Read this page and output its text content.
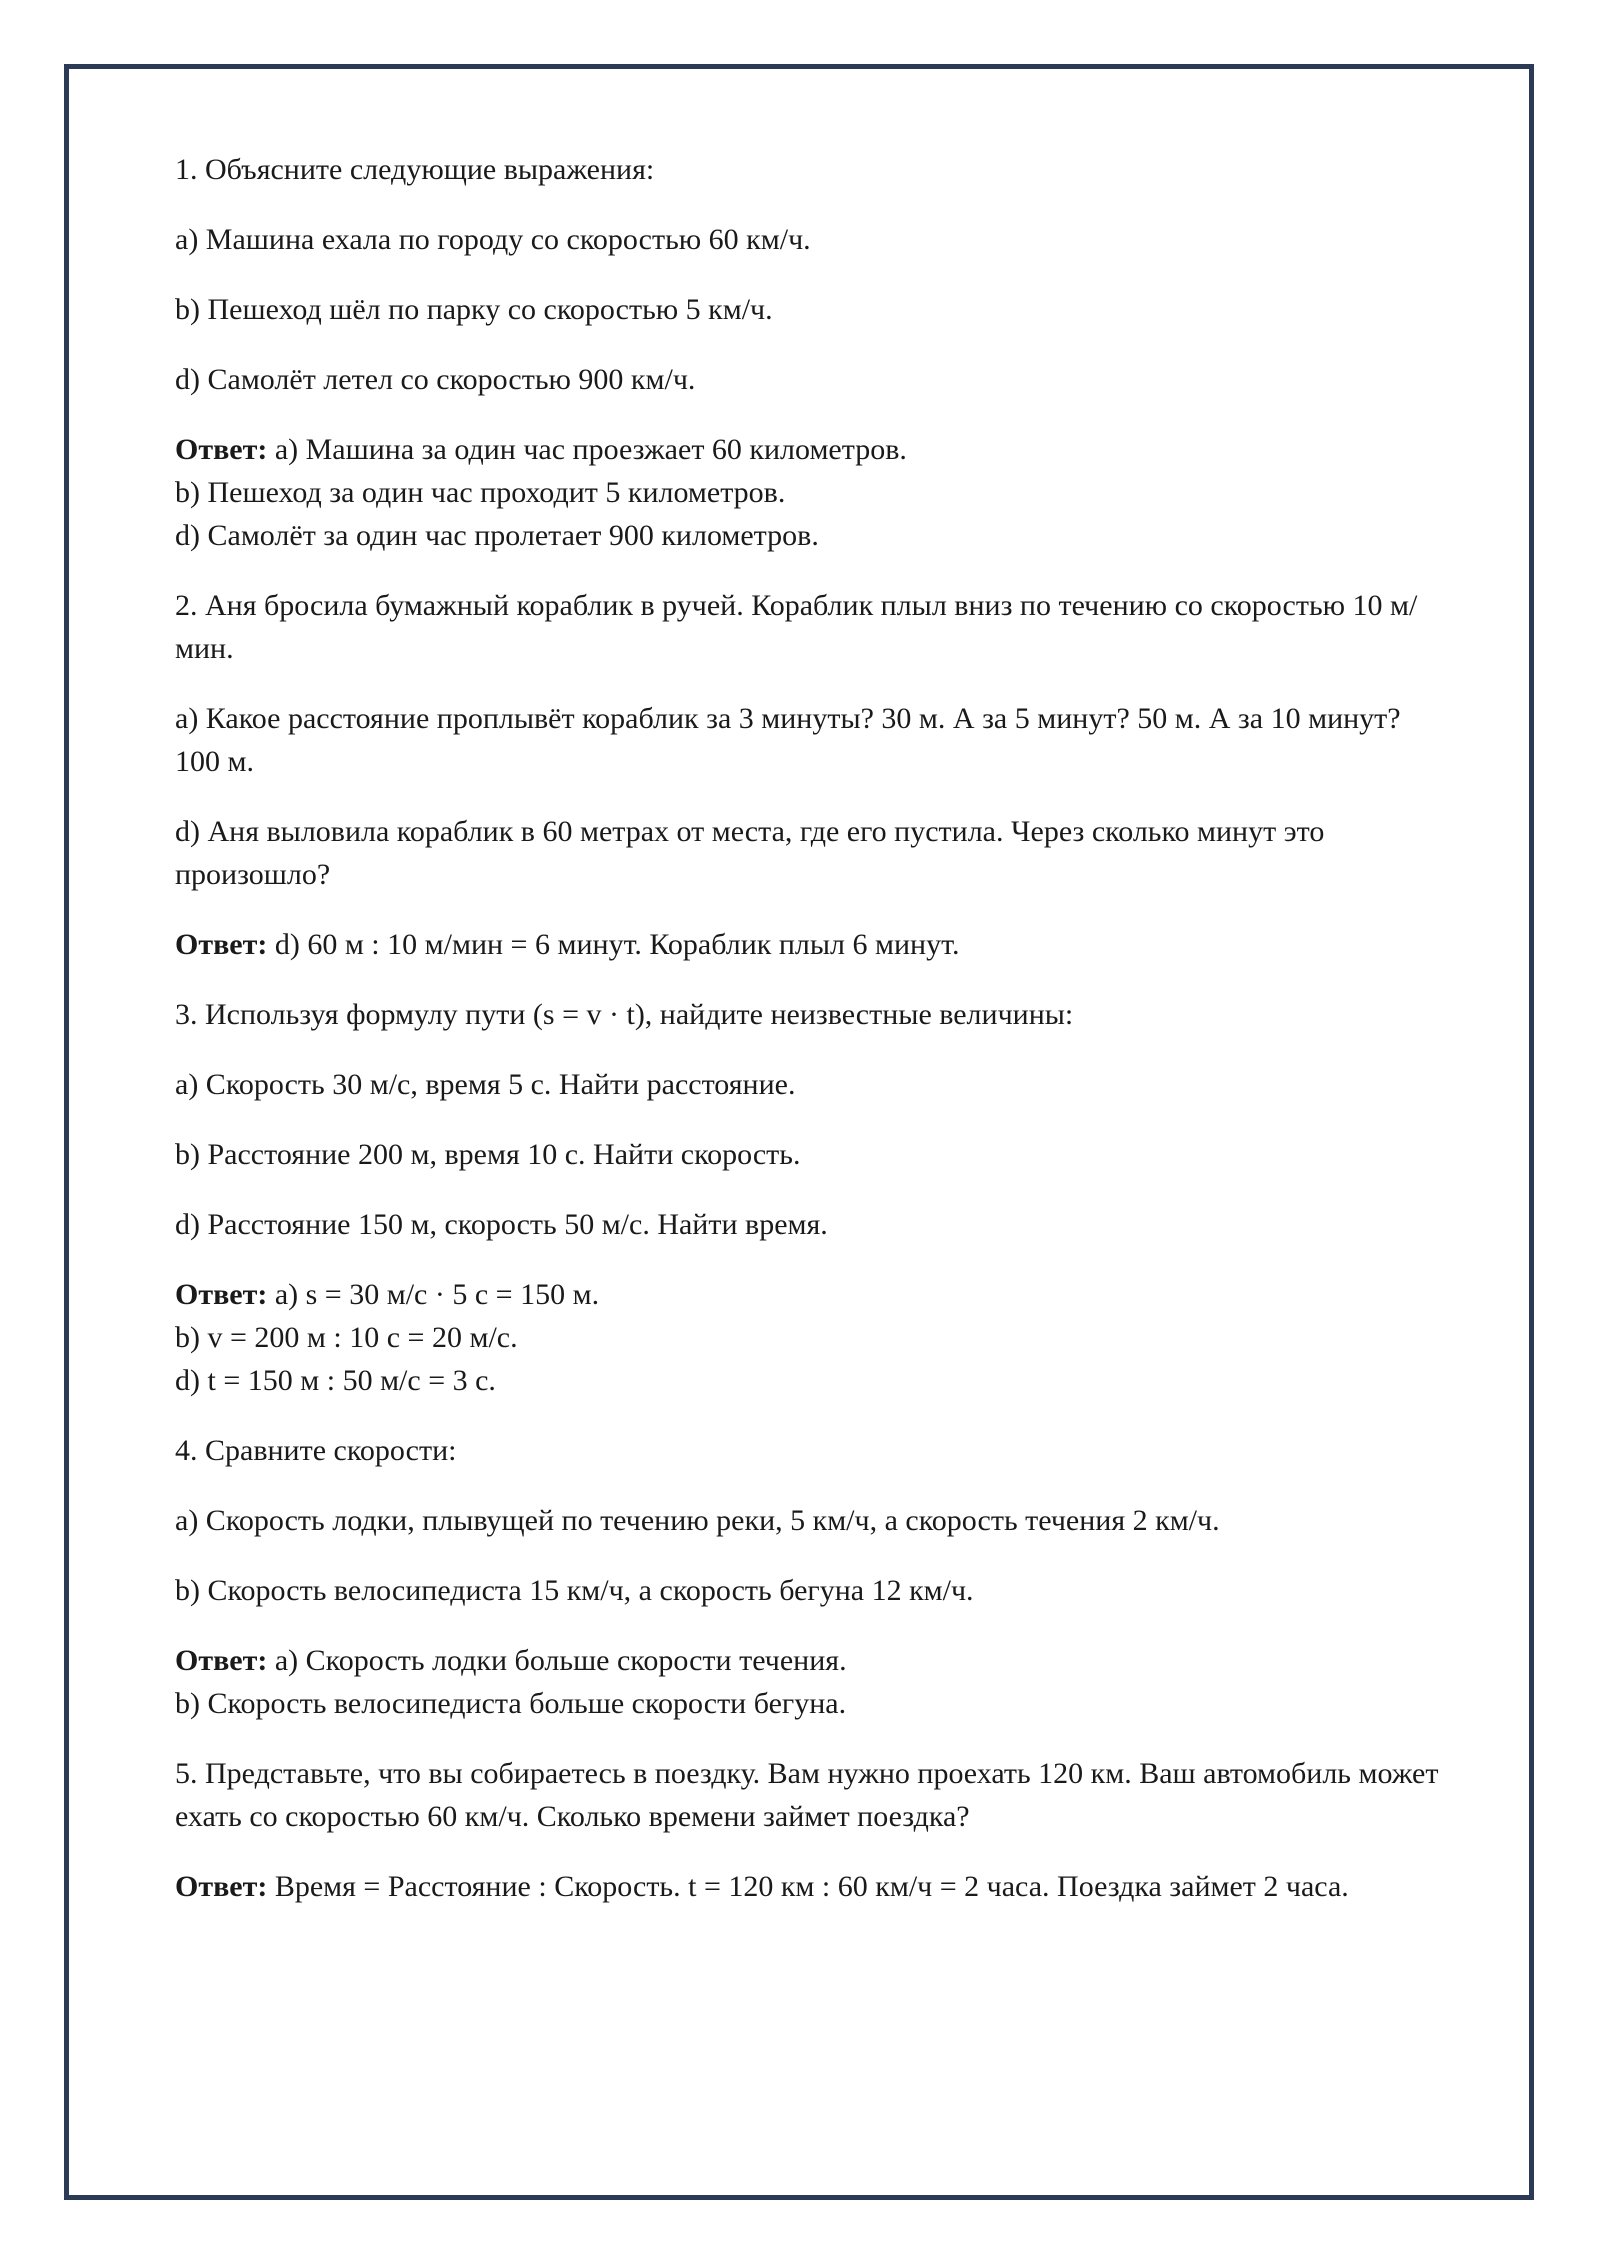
1. Объясните следующие выражения:

а) Машина ехала по городу со скоростью 60 км/ч.

b) Пешеход шёл по парку со скоростью 5 км/ч.

d) Самолёт летел со скоростью 900 км/ч.

Ответ: а) Машина за один час проезжает 60 километров.
b) Пешеход за один час проходит 5 километров.
d) Самолёт за один час пролетает 900 километров.

2. Аня бросила бумажный кораблик в ручей. Кораблик плыл вниз по течению со скоростью 10 м/мин.

а) Какое расстояние проплывёт кораблик за 3 минуты? 30 м. А за 5 минут? 50 м. А за 10 минут? 100 м.

d) Аня выловила кораблик в 60 метрах от места, где его пустила. Через сколько минут это произошло?

Ответ: d) 60 м : 10 м/мин = 6 минут. Кораблик плыл 6 минут.

3. Используя формулу пути (s = v · t), найдите неизвестные величины:

а) Скорость 30 м/с, время 5 с. Найти расстояние.

b) Расстояние 200 м, время 10 с. Найти скорость.

d) Расстояние 150 м, скорость 50 м/с. Найти время.

Ответ: а) s = 30 м/с · 5 с = 150 м.
b) v = 200 м : 10 с = 20 м/с.
d) t = 150 м : 50 м/с = 3 с.

4. Сравните скорости:

а) Скорость лодки, плывущей по течению реки, 5 км/ч, а скорость течения 2 км/ч.

b) Скорость велосипедиста 15 км/ч, а скорость бегуна 12 км/ч.

Ответ: а) Скорость лодки больше скорости течения.
b) Скорость велосипедиста больше скорости бегуна.

5. Представьте, что вы собираетесь в поездку. Вам нужно проехать 120 км. Ваш автомобиль может ехать со скоростью 60 км/ч. Сколько времени займет поездка?

Ответ: Время = Расстояние : Скорость. t = 120 км : 60 км/ч = 2 часа. Поездка займет 2 часа.
